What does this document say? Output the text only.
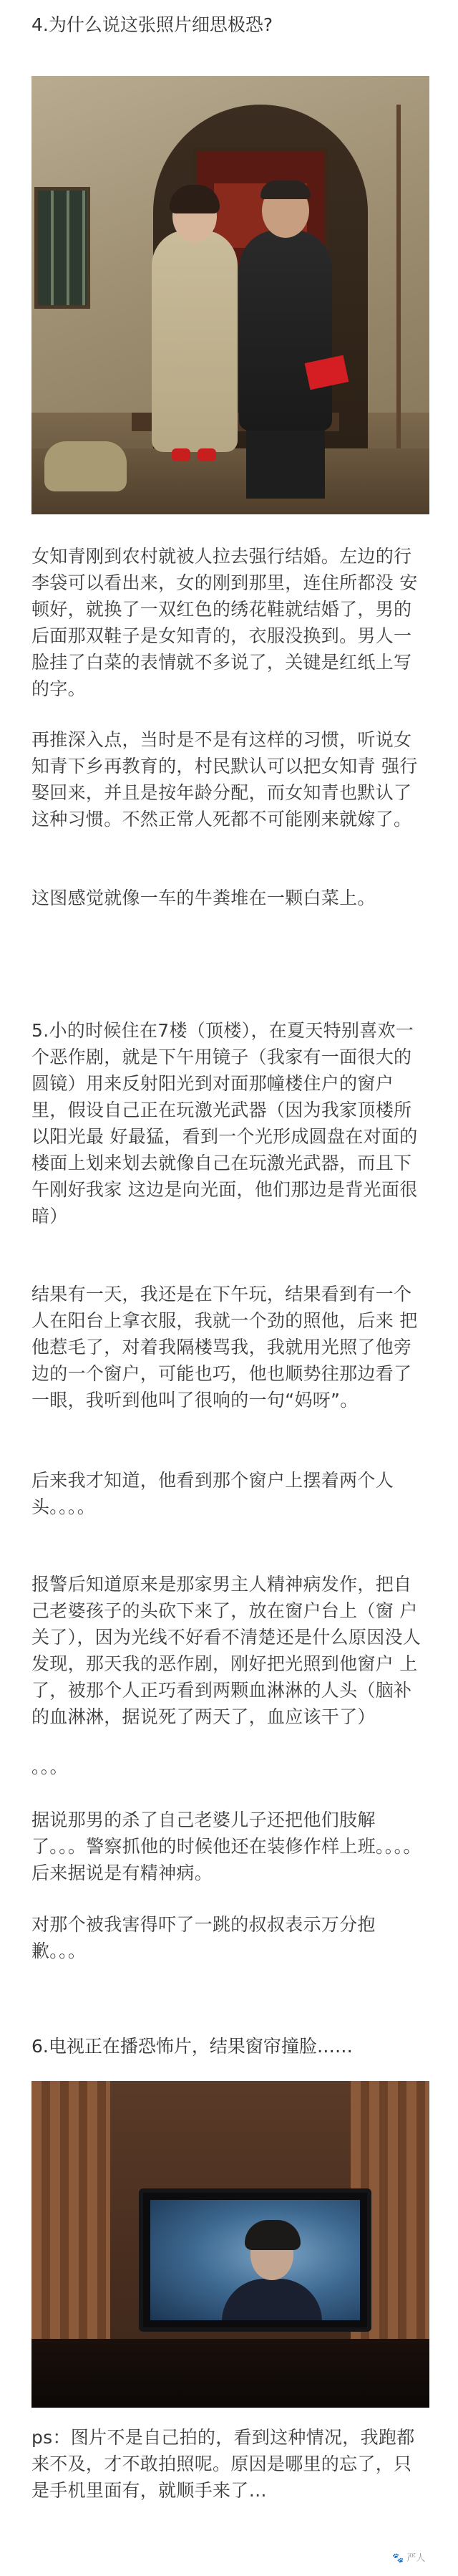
4.为什么说这张照片细思极恐?
女知青刚到农村就被人拉去强行结婚。左边的行李袋可以看出来，女的刚到那里，连住所都没 安顿好，就换了一双红色的绣花鞋就结婚了，男的后面那双鞋子是女知青的，衣服没换到。男人一脸挂了白菜的表情就不多说了，关键是红纸上写的字。
再推深入点，当时是不是有这样的习惯，听说女知青下乡再教育的，村民默认可以把女知青 强行娶回来，并且是按年龄分配，而女知青也默认了这种习惯。不然正常人死都不可能刚来就嫁了。
这图感觉就像一车的牛粪堆在一颗白菜上。
5.小的时候住在7楼（顶楼），在夏天特别喜欢一个恶作剧，就是下午用镜子（我家有一面很大的圆镜）用来反射阳光到对面那幢楼住户的窗户里，假设自己正在玩激光武器（因为我家顶楼所以阳光最 好最猛，看到一个光形成圆盘在对面的楼面上划来划去就像自己在玩激光武器，而且下午刚好我家 这边是向光面，他们那边是背光面很暗）
结果有一天，我还是在下午玩，结果看到有一个人在阳台上拿衣服，我就一个劲的照他，后来 把他惹毛了，对着我隔楼骂我，我就用光照了他旁边的一个窗户，可能也巧，他也顺势往那边看了一眼，我听到他叫了很响的一句“妈呀”。
后来我才知道，他看到那个窗户上摆着两个人头。。。。
报警后知道原来是那家男主人精神病发作，把自己老婆孩子的头砍下来了，放在窗户台上（窗 户关了），因为光线不好看不清楚还是什么原因没人发现，那天我的恶作剧，刚好把光照到他窗户 上了，被那个人正巧看到两颗血淋淋的人头（脑补的血淋淋，据说死了两天了，血应该干了）
。。。
据说那男的杀了自己老婆儿子还把他们肢解了。。。警察抓他的时候他还在装修作样上班。。。。后来据说是有精神病。
对那个被我害得吓了一跳的叔叔表示万分抱歉。。。
6.电视正在播恐怖片，结果窗帘撞脸……
ps：图片不是自己拍的，看到这种情况，我跑都来不及，才不敢拍照呢。原因是哪里的忘了，只是手机里面有，就顺手来了…
🐾 严人
